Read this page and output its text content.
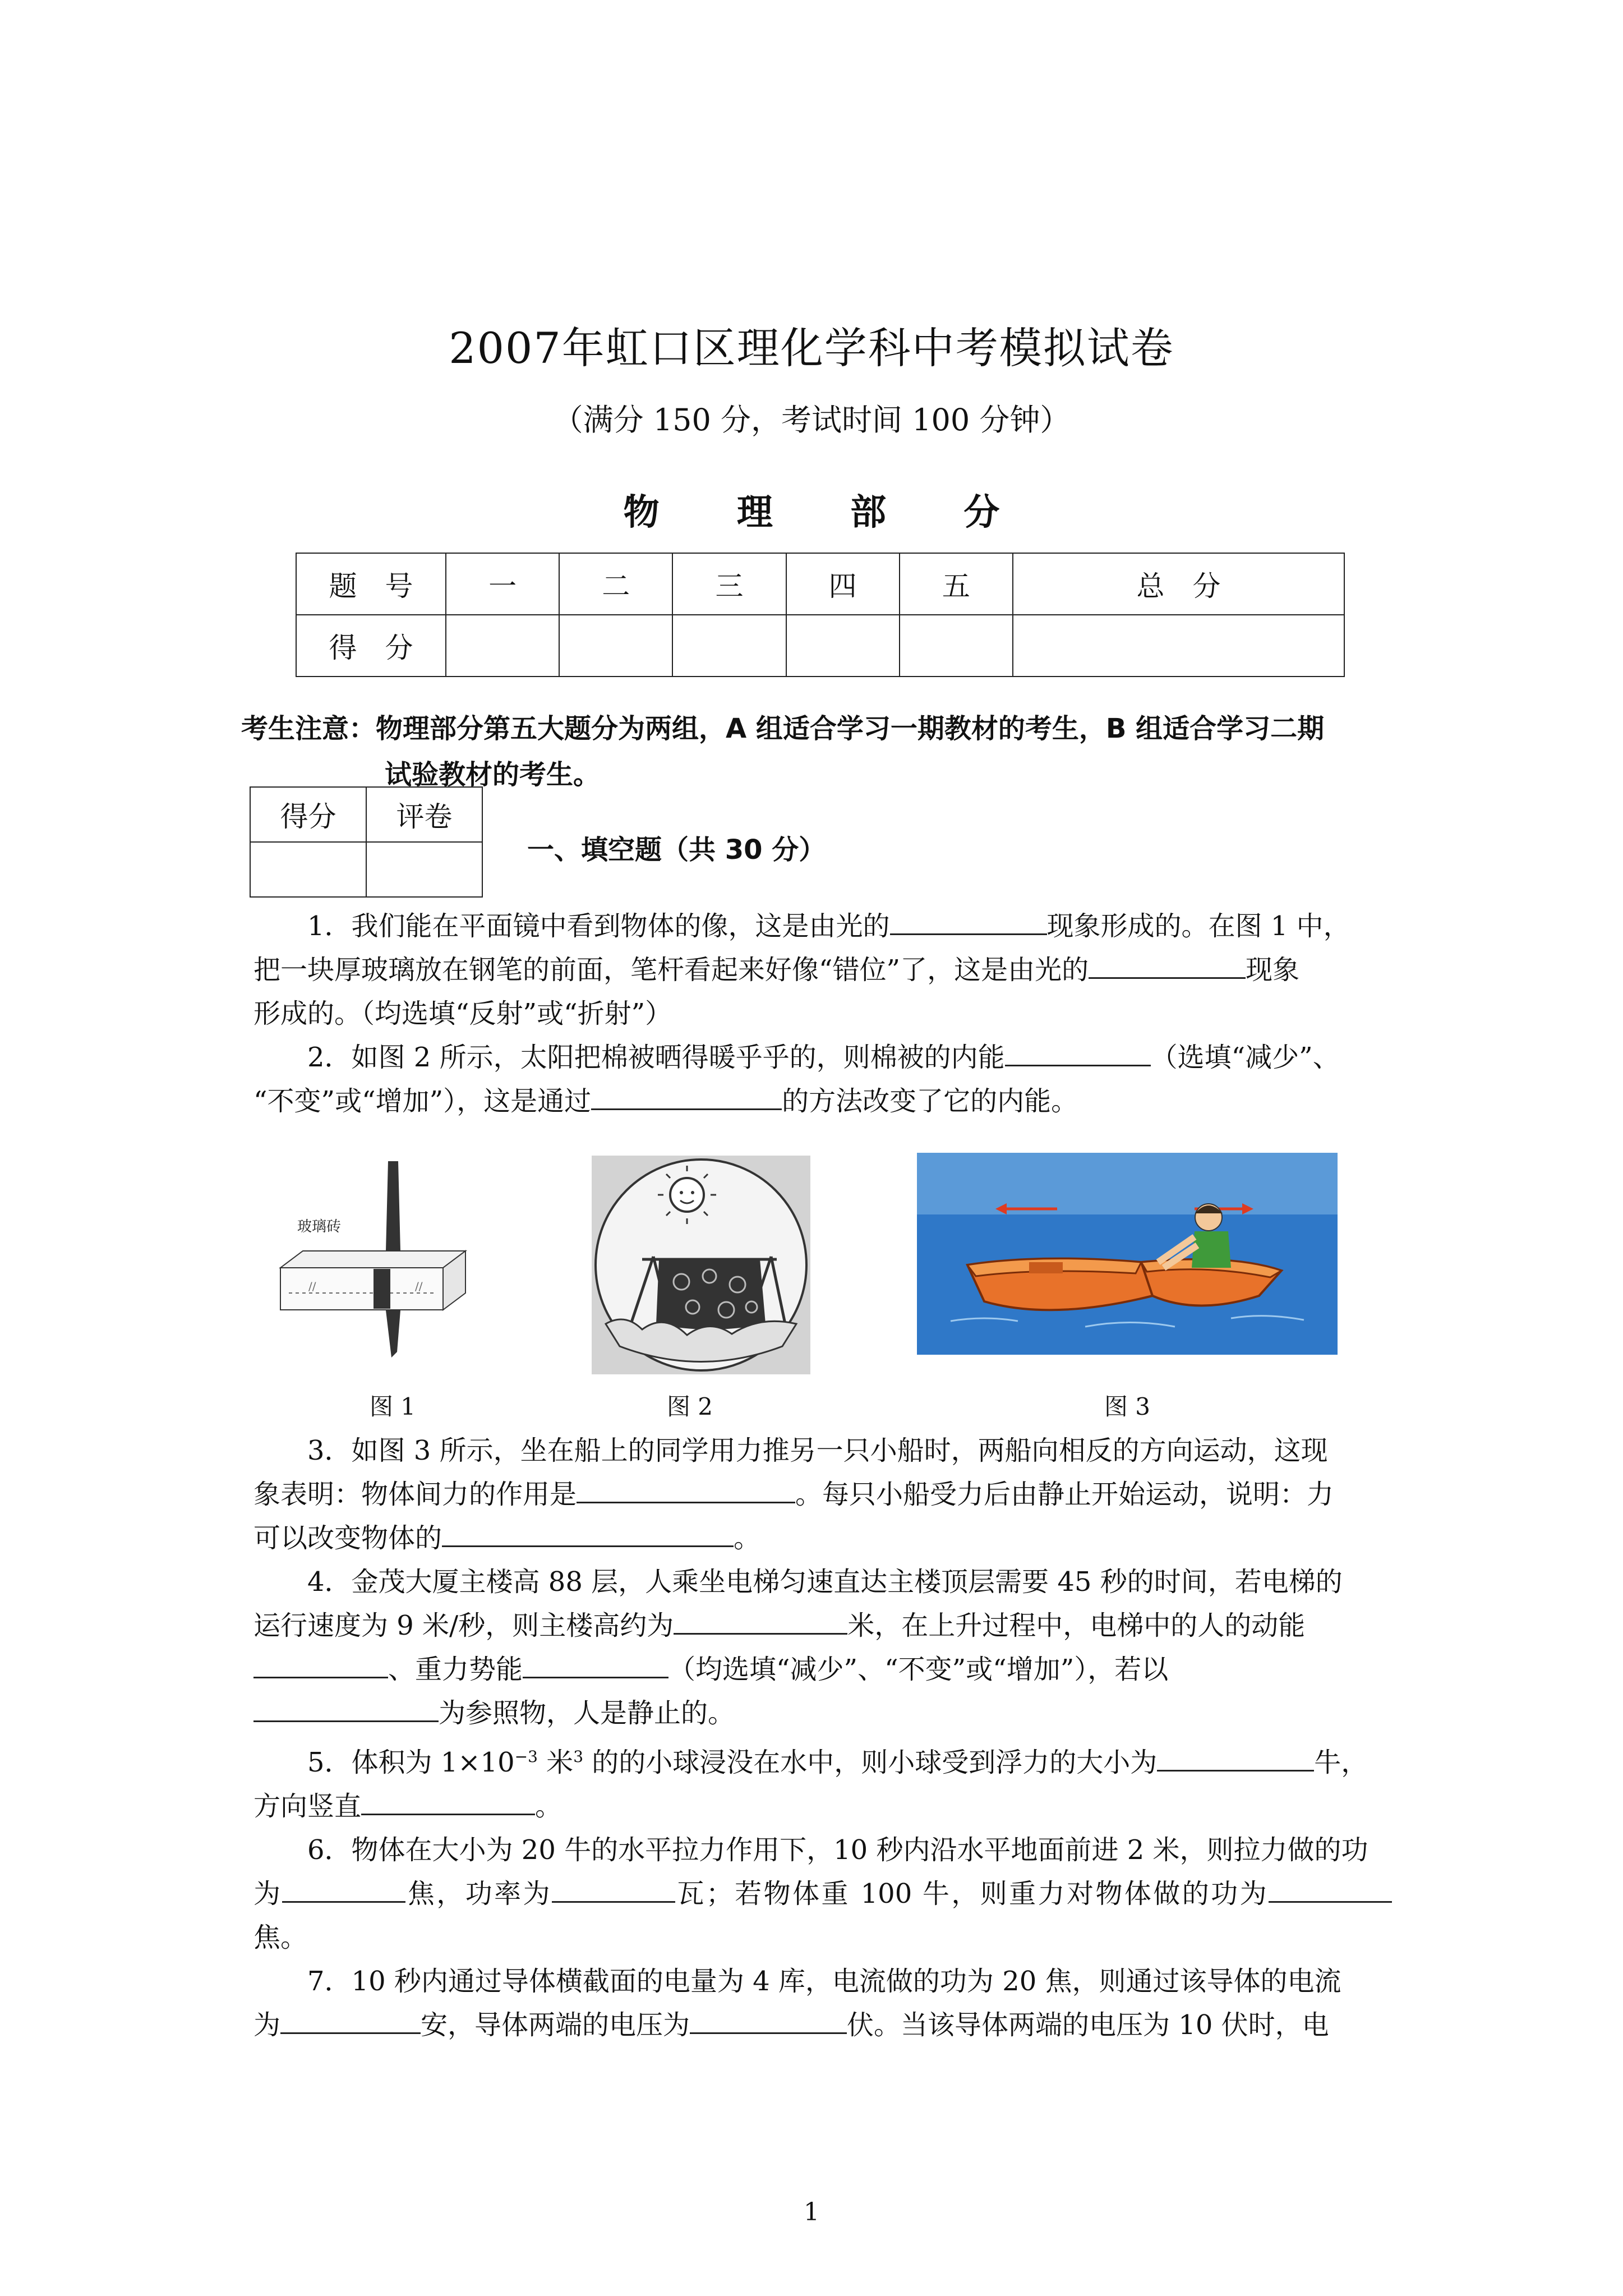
2007年虹口区理化学科中考模拟试卷
（满分 150 分，考试时间 100 分钟）
物 理 部 分
题　号	一	二	三	四	五	总　分
得　分						
考生注意：物理部分第五大题分为两组，A 组适合学习一期教材的考生，B 组适合学习二期
试验教材的考生。
得分	评卷

一、填空题（共 30 分）

1．我们能在平面镜中看到物体的像，这是由光的	现象形成的。在图 1 中，

把一块厚玻璃放在钢笔的前面，笔杆看起来好像“错位”了，这是由光的	现象

形成的。（均选填“反射”或“折射”）

2．如图 2 所示，太阳把棉被晒得暖乎乎的，则棉被的内能	（选填“减少”、

“不变”或“增加”），这是通过	的方法改变了它的内能。

玻璃砖
//	//
图 1	图 2	图 3

3．如图 3 所示，坐在船上的同学用力推另一只小船时，两船向相反的方向运动，这现

象表明：物体间力的作用是	。每只小船受力后由静止开始运动，说明：力

可以改变物体的	。

4．金茂大厦主楼高 88 层，人乘坐电梯匀速直达主楼顶层需要 45 秒的时间，若电梯的

运行速度为 9 米/秒，则主楼高约为	米，在上升过程中，电梯中的人的动能

、重力势能	（均选填“减少”、“不变”或“增加”），若以

为参照物，人是静止的。

5．体积为 $1\times 10^{-3}$ 米$^3$ 的的小球浸没在水中，则小球受到浮力的大小为	牛，

方向竖直	。

6．物体在大小为 20 牛的水平拉力作用下，10 秒内沿水平地面前进 2 米，则拉力做的功

为	焦，功率为	瓦；若物体重 100 牛，则重力对物体做的功为焦。

7．10 秒内通过导体横截面的电量为 4 库，电流做的功为 20 焦，则通过该导体的电流

为	安，导体两端的电压为	伏。当该导体两端的电压为 10 伏时，电

1
